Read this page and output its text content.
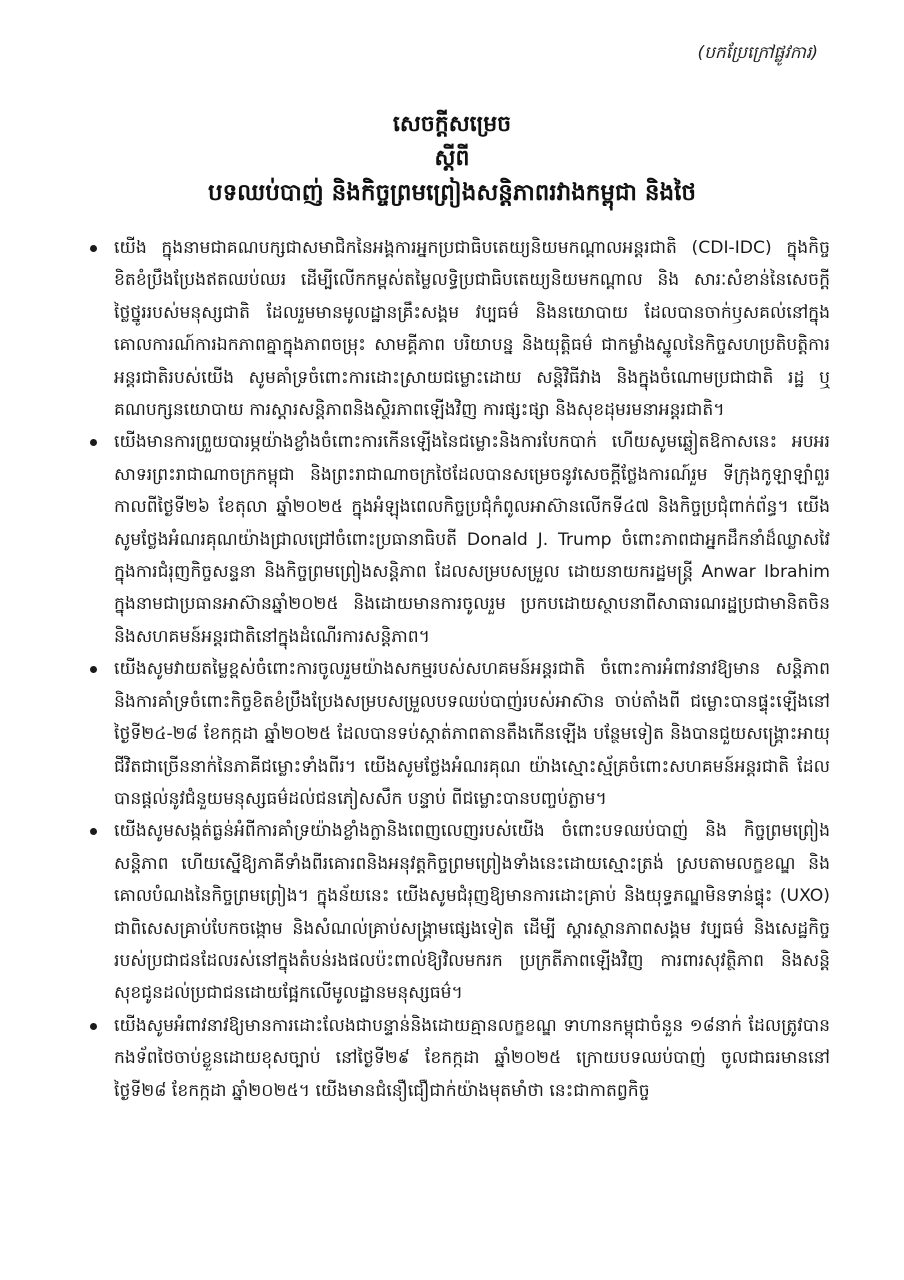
(បកប្រែក្រៅផ្លូវការ)
សេចក្ដីសម្រេច
ស្ដីពី
បទឈប់បាញ់ និងកិច្ចព្រមព្រៀងសន្តិភាពរវាងកម្ពុជា និងថៃ
យើង ក្នុងនាមជាគណបក្សជាសមាជិកនៃអង្គការអ្នកប្រជាធិបតេយ្យនិយមកណ្ដាលអន្តរជាតិ (CDI-IDC) ក្នុងកិច្ចខិតខំប្រឹងប្រែងឥតឈប់ឈរ ដើម្បីលើកកម្ពស់តម្លៃលទ្ធិប្រជាធិបតេយ្យនិយមកណ្ដាល និង សារៈសំខាន់នៃសេចក្ដីថ្លៃថ្នូររបស់មនុស្សជាតិ ដែលរួមមានមូលដ្ឋានគ្រឹះសង្គម វប្បធម៌ និងនយោបាយ ដែលបានចាក់ឫសគល់នៅក្នុងគោលការណ៍ការឯកភាពគ្នាក្នុងភាពចម្រុះ សាមគ្គីភាព បរិយាបន្ន និងយុត្តិធម៌ ជាកម្លាំងស្នូលនៃកិច្ចសហប្រតិបត្តិការអន្តរជាតិរបស់យើង សូមគាំទ្រចំពោះការដោះស្រាយជម្លោះដោយ សន្តិវិធីវាង និងក្នុងចំណោមប្រជាជាតិ រដ្ឋ ឬគណបក្សនយោបាយ ការស្ដារសន្តិភាពនិងស្ថិរភាពឡើងវិញ ការផ្សះផ្សា និងសុខដុមរមនាអន្តរជាតិ។
យើងមានការព្រួយបារម្ភយ៉ាងខ្លាំងចំពោះការកើនឡើងនៃជម្លោះនិងការបែកបាក់ ហើយសូមឆ្លៀតឱកាសនេះ អបអរសាទរព្រះរាជាណាចក្រកម្ពុជា និងព្រះរាជាណាចក្រថៃដែលបានសម្រេចនូវសេចក្ដីថ្លែងការណ៍រួម ទីក្រុងកូឡាឡាំពួរ កាលពីថ្ងៃទី២៦ ខែតុលា ឆ្នាំ២០២៥ ក្នុងអំឡុងពេលកិច្ចប្រជុំកំពូលអាស៊ានលើកទី៤៧ និងកិច្ចប្រជុំពាក់ព័ន្ធ។ យើងសូមថ្លែងអំណរគុណយ៉ាងជ្រាលជ្រៅចំពោះប្រធានាធិបតី Donald J. Trump ចំពោះភាពជាអ្នកដឹកនាំដ៏ឈ្លាសវៃក្នុងការជំរុញកិច្ចសន្ទនា និងកិច្ចព្រមព្រៀងសន្តិភាព ដែលសម្របសម្រួល ដោយនាយករដ្ឋមន្ត្រី Anwar Ibrahim ក្នុងនាមជាប្រធានអាស៊ានឆ្នាំ២០២៥ និងដោយមានការចូលរួម ប្រកបដោយស្ថាបនាពីសាធារណរដ្ឋប្រជាមានិតចិន និងសហគមន៍អន្តរជាតិនៅក្នុងដំណើរការសន្តិភាព។
យើងសូមវាយតម្លៃខ្ពស់ចំពោះការចូលរួមយ៉ាងសកម្មរបស់សហគមន៍អន្តរជាតិ ចំពោះការអំពាវនាវឱ្យមាន សន្តិភាពនិងការគាំទ្រចំពោះកិច្ចខិតខំប្រឹងប្រែងសម្របសម្រួលបទឈប់បាញ់របស់អាស៊ាន ចាប់តាំងពី ជម្លោះបានផ្ទុះឡើងនៅថ្ងៃទី២៤-២៨ ខែកក្កដា ឆ្នាំ២០២៥ ដែលបានទប់ស្កាត់ភាពតានតឹងកើនឡើង បន្ថែមទៀត និងបានជួយសង្គ្រោះអាយុជីវិតជាច្រើននាក់នៃភាគីជម្លោះទាំងពីរ។ យើងសូមថ្លែងអំណរគុណ យ៉ាងស្មោះស្ម័គ្រចំពោះសហគមន៍អន្តរជាតិ ដែលបានផ្ដល់នូវជំនួយមនុស្សធម៌ដល់ជនភៀសសឹក បន្ទាប់ ពីជម្លោះបានបញ្ចប់ភ្លាម។
យើងសូមសង្កត់ធ្ងន់អំពីការគាំទ្រយ៉ាងខ្លាំងក្លានិងពេញលេញរបស់យើង ចំពោះបទឈប់បាញ់ និង កិច្ចព្រមព្រៀងសន្តិភាព ហើយស្នើឱ្យភាគីទាំងពីរគោរពនិងអនុវត្តកិច្ចព្រមព្រៀងទាំងនេះដោយស្មោះត្រង់ ស្របតាមលក្ខខណ្ឌ និងគោលបំណងនៃកិច្ចព្រមព្រៀង។ ក្នុងន័យនេះ យើងសូមជំរុញឱ្យមានការដោះគ្រាប់ និងយុទ្ធភណ្ឌមិនទាន់ផ្ទុះ (UXO) ជាពិសេសគ្រាប់បែកចង្កោម និងសំណល់គ្រាប់សង្គ្រាមផ្សេងទៀត ដើម្បី ស្ដារស្ថានភាពសង្គម វប្បធម៌ និងសេដ្ឋកិច្ចរបស់ប្រជាជនដែលរស់នៅក្នុងតំបន់រងផលប៉ះពាល់ឱ្យវិលមករក ប្រក្រតីភាពឡើងវិញ ការពារសុវត្ថិភាព និងសន្តិសុខជូនដល់ប្រជាជនដោយផ្អែកលើមូលដ្ឋានមនុស្សធម៌។
យើងសូមអំពាវនាវឱ្យមានការដោះលែងជាបន្ទាន់និងដោយគ្មានលក្ខខណ្ឌ ទាហានកម្ពុជាចំនួន ១៨នាក់ ដែលត្រូវបានកងទ័ពថៃចាប់ខ្លួនដោយខុសច្បាប់ នៅថ្ងៃទី២៩ ខែកក្កដា ឆ្នាំ២០២៥ ក្រោយបទឈប់បាញ់ ចូលជាធរមាននៅថ្ងៃទី២៨ ខែកក្កដា ឆ្នាំ២០២៥។ យើងមានជំនឿជឿជាក់យ៉ាងមុតមាំថា នេះជាកាតព្វកិច្ច
